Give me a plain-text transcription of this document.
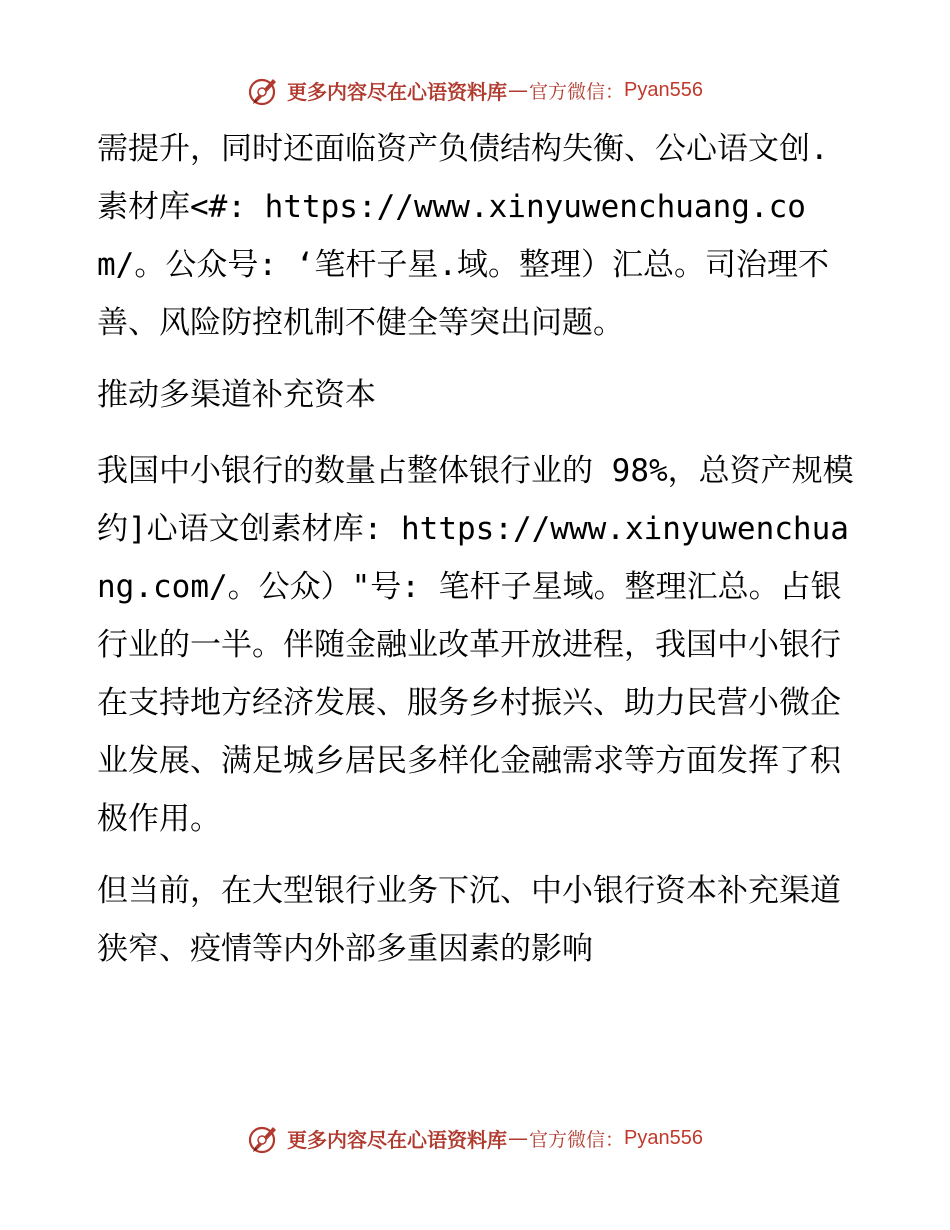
更多内容尽在心语资料库 — 官方微信： Pyan556

需提升，同时还面临资产负债结构失衡、公心语文创.素材库<#: https://www.xinyuwenchuang.com/。公众号: ‘笔杆子星.域。整理）汇总。司治理不善、风险防控机制不健全等突出问题。

推动多渠道补充资本

我国中小银行的数量占整体银行业的 98%，总资产规模约]心语文创素材库: https://www.xinyuwenchuang.com/。公众）"号: 笔杆子星域。整理汇总。占银行业的一半。伴随金融业改革开放进程，我国中小银行在支持地方经济发展、服务乡村振兴、助力民营小微企业发展、满足城乡居民多样化金融需求等方面发挥了积极作用。

但当前，在大型银行业务下沉、中小银行资本补充渠道狭窄、疫情等内外部多重因素的影响

更多内容尽在心语资料库 — 官方微信： Pyan556
